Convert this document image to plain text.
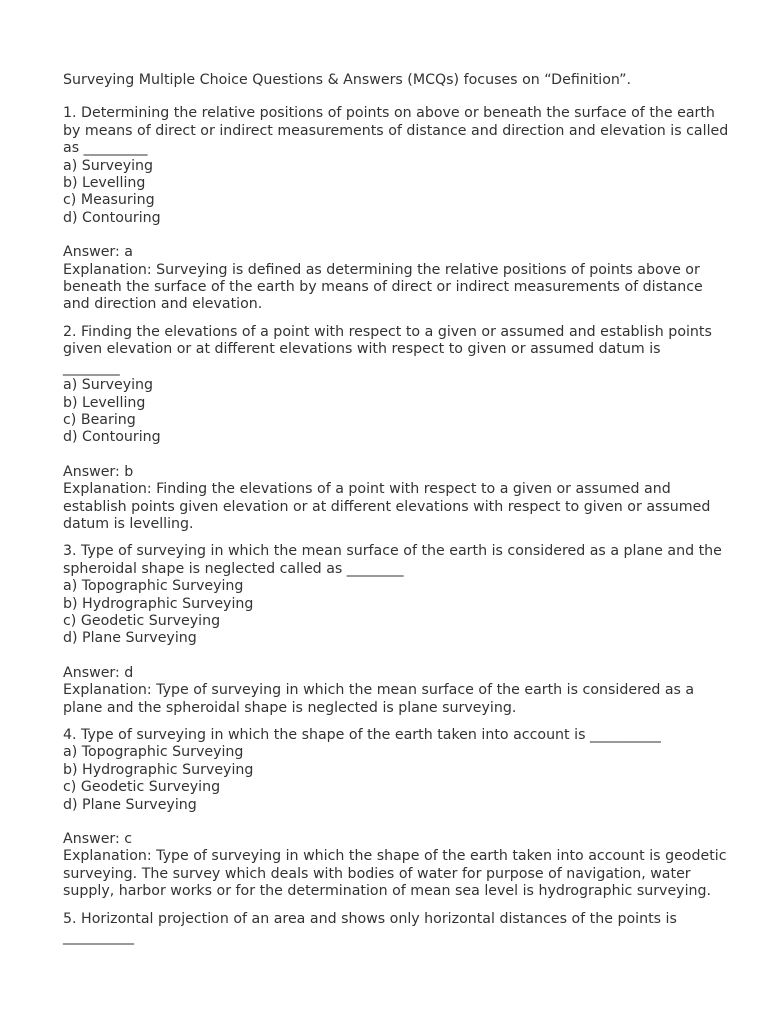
Surveying Multiple Choice Questions & Answers (MCQs) focuses on “Definition”.

1. Determining the relative positions of points on above or beneath the surface of the earth by means of direct or indirect measurements of distance and direction and elevation is called as _________

a) Surveying
b) Levelling
c) Measuring
d) Contouring

Answer: a

Explanation: Surveying is defined as determining the relative positions of points above or beneath the surface of the earth by means of direct or indirect measurements of distance and direction and elevation.

2. Finding the elevations of a point with respect to a given or assumed and establish points given elevation or at different elevations with respect to given or assumed datum is
________

a) Surveying
b) Levelling
c) Bearing
d) Contouring

Answer: b

Explanation: Finding the elevations of a point with respect to a given or assumed and establish points given elevation or at different elevations with respect to given or assumed datum is levelling.

3. Type of surveying in which the mean surface of the earth is considered as a plane and the spheroidal shape is neglected called as ________

a) Topographic Surveying
b) Hydrographic Surveying
c) Geodetic Surveying
d) Plane Surveying

Answer: d

Explanation: Type of surveying in which the mean surface of the earth is considered as a plane and the spheroidal shape is neglected is plane surveying.

4. Type of surveying in which the shape of the earth taken into account is __________

a) Topographic Surveying
b) Hydrographic Surveying
c) Geodetic Surveying
d) Plane Surveying

Answer: c

Explanation: Type of surveying in which the shape of the earth taken into account is geodetic surveying. The survey which deals with bodies of water for purpose of navigation, water supply, harbor works or for the determination of mean sea level is hydrographic surveying.

5. Horizontal projection of an area and shows only horizontal distances of the points is
__________
